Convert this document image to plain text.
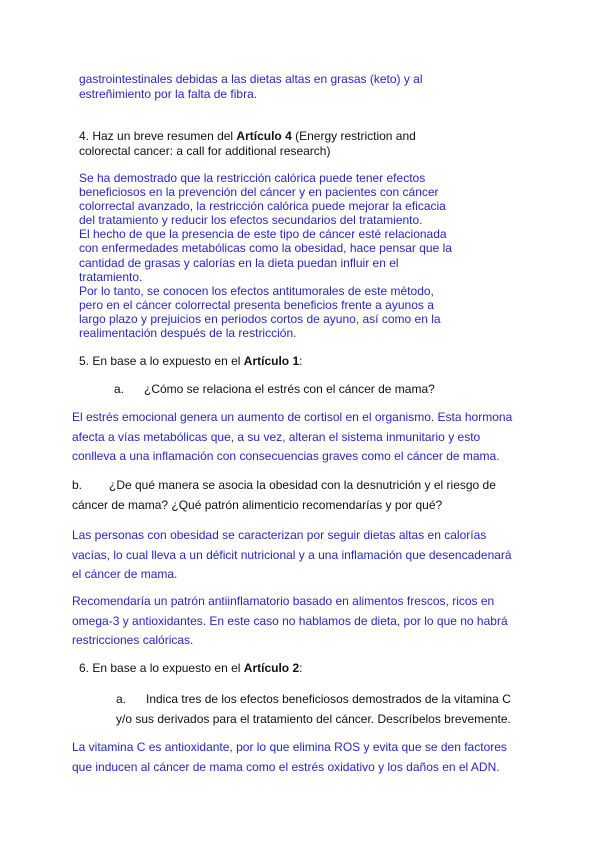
gastrointestinales debidas a las dietas altas en grasas (keto) y al
estreñimiento por la falta de fibra.
4. Haz un breve resumen del Artículo 4 (Energy restriction and
colorectal cancer: a call for additional research)
Se ha demostrado que la restricción calórica puede tener efectos
beneficiosos en la prevención del cáncer y en pacientes con cáncer
colorrectal avanzado, la restricción calórica puede mejorar la eficacia
del tratamiento y reducir los efectos secundarios del tratamiento.
El hecho de que la presencia de este tipo de cáncer esté relacionada
con enfermedades metabólicas como la obesidad, hace pensar que la
cantidad de grasas y calorías en la dieta puedan influir en el
tratamiento.
Por lo tanto, se conocen los efectos antitumorales de este método,
pero en el cáncer colorrectal presenta beneficios frente a ayunos a
largo plazo y prejuicios en periodos cortos de ayuno, así como en la
realimentación después de la restricción.
5. En base a lo expuesto en el Artículo 1:
a. ¿Cómo se relaciona el estrés con el cáncer de mama?
El estrés emocional genera un aumento de cortisol en el organismo. Esta hormona
afecta a vías metabólicas que, a su vez, alteran el sistema inmunitario y esto
conlleva a una inflamación con consecuencias graves como el cáncer de mama.
b. ¿De qué manera se asocia la obesidad con la desnutrición y el riesgo de
cáncer de mama? ¿Qué patrón alimenticio recomendarías y por qué?
Las personas con obesidad se caracterizan por seguir dietas altas en calorías
vacías, lo cual lleva a un déficit nutricional y a una inflamación que desencadenará
el cáncer de mama.
Recomendaría un patrón antiinflamatorio basado en alimentos frescos, ricos en
omega-3 y antioxidantes. En este caso no hablamos de dieta, por lo que no habrá
restricciones calóricas.
6. En base a lo expuesto en el Artículo 2:
a. Indica tres de los efectos beneficiosos demostrados de la vitamina C
y/o sus derivados para el tratamiento del cáncer. Descríbelos brevemente.
La vitamina C es antioxidante, por lo que elimina ROS y evita que se den factores
que inducen al cáncer de mama como el estrés oxidativo y los daños en el ADN.
